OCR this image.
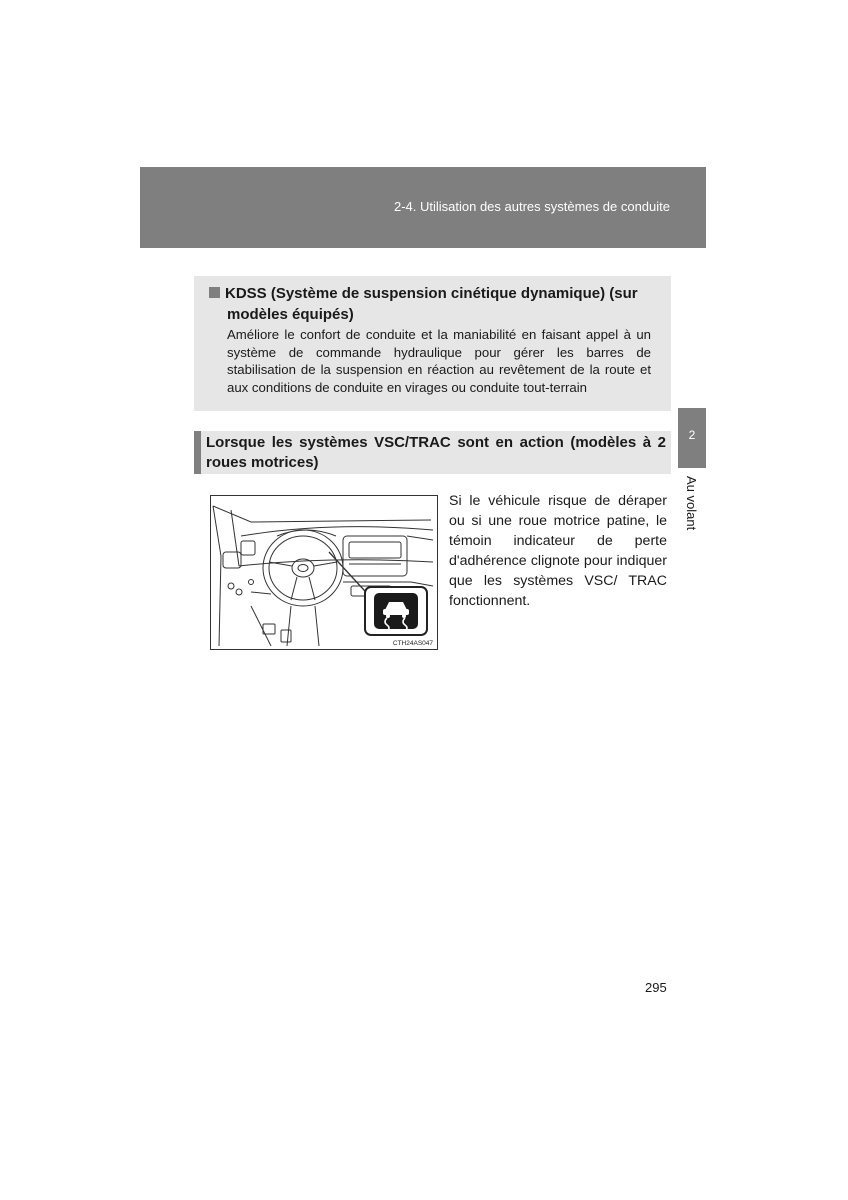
2-4. Utilisation des autres systèmes de conduite
KDSS (Système de suspension cinétique dynamique) (sur
modèles équipés)
Améliore le confort de conduite et la maniabilité en faisant appel à un système de commande hydraulique pour gérer les barres de stabilisation de la suspension en réaction au revêtement de la route et aux conditions de conduite en virages ou conduite tout-terrain
Lorsque les systèmes VSC/TRAC sont en action (modèles à 2 roues motrices)
2
Au volant
CTH24AS047
Si le véhicule risque de déraper ou si une roue motrice patine, le témoin indicateur de perte d'adhérence clignote pour indiquer que les systèmes VSC/ TRAC fonctionnent.
295
